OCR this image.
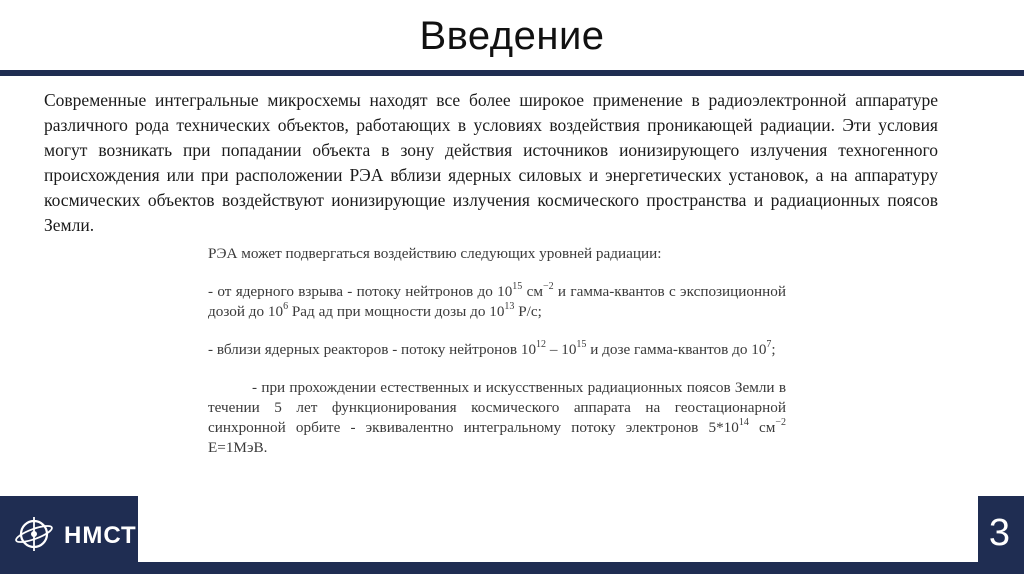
Введение
Современные интегральные микросхемы находят все более широкое применение в радиоэлектронной аппаратуре различного рода технических объектов, работающих в условиях воздействия проникающей радиации. Эти условия могут возникать при попадании объекта в зону действия источников ионизирующего излучения техногенного происхождения или при расположении РЭА вблизи ядерных силовых и энергетических установок, а на аппаратуру космических объектов воздействуют ионизирующие излучения космического пространства и радиационных поясов Земли.

РЭА может подвергаться воздействию следующих уровней радиации:

- от ядерного взрыва - потоку нейтронов до $10^{15}$ $см^{-2}$ и гамма-квантов с экспозиционной дозой до $10^6$ Рад ад при мощности дозы до $10^{13}$ Р/с;

- вблизи ядерных реакторов - потоку нейтронов $10^{12} - 10^{15}$ и дозе гамма-квантов до $10^7$;

- при прохождении естественных и искусственных радиационных поясов Земли в течении 5 лет функционирования космического аппарата на геостационарной синхронной орбите - эквивалентно интегральному потоку электронов $5*10^{14}$ $см^{-2}$ E=1МэВ.

НМСТ	3
